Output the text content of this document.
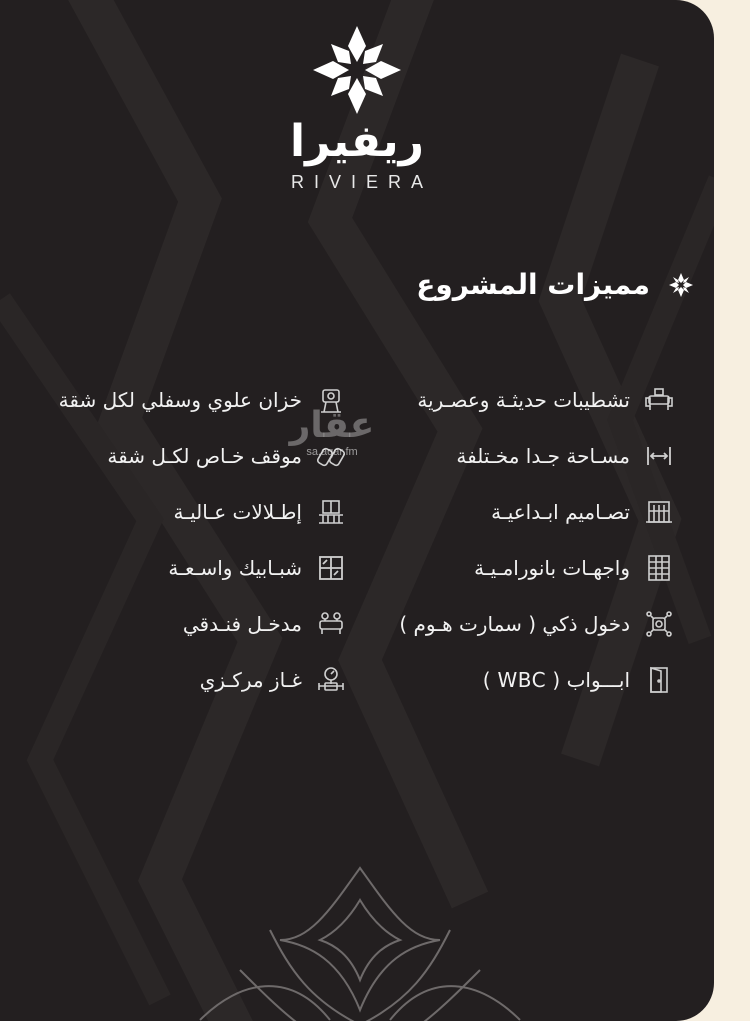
ريفيرا
RIVIERA
مميزات المشروع
تشطيبات حديثـة وعصـرية
خزان علوي وسفلي لكل شقة
مسـاحة جـدا مخـتلفة
موقف خـاص لكـل شقة
تصـاميم ابـداعيـة
إطـلالات عـاليـة
واجهـات بانورامـيـة
شبـابيك واسـعـة
دخول ذكي ( سمارت هـوم )
مدخـل فنـدقي
ابـــواب ( WBC )
غـاز مركـزي
عقار
sa.aqar.fm
